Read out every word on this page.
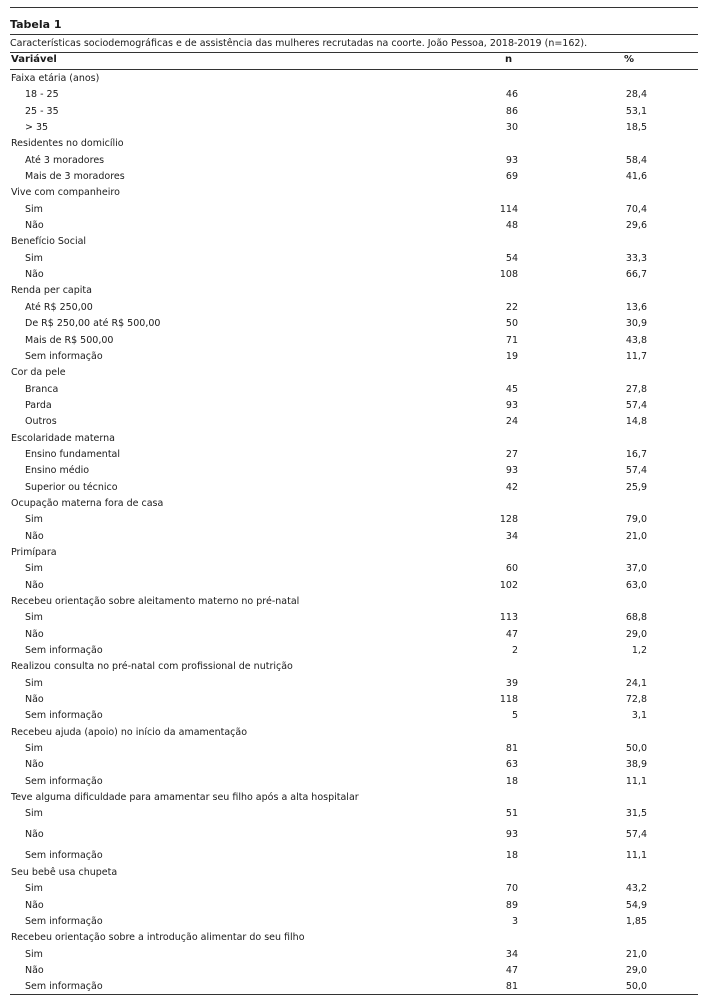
Tabela 1
Características sociodemográficas e de assistência das mulheres recrutadas na coorte. João Pessoa, 2018-2019 (n=162).
Variável	n	%
Faixa etária (anos)
18 - 25	46	28,4
25 - 35	86	53,1
> 35	30	18,5
Residentes no domicílio
Até 3 moradores	93	58,4
Mais de 3 moradores	69	41,6
Vive com companheiro
Sim	114	70,4
Não	48	29,6
Benefício Social
Sim	54	33,3
Não	108	66,7
Renda per capita
Até R$ 250,00	22	13,6
De R$ 250,00 até R$ 500,00	50	30,9
Mais de R$ 500,00	71	43,8
Sem informação	19	11,7
Cor da pele
Branca	45	27,8
Parda	93	57,4
Outros	24	14,8
Escolaridade materna
Ensino fundamental	27	16,7
Ensino médio	93	57,4
Superior ou técnico	42	25,9
Ocupação materna fora de casa
Sim	128	79,0
Não	34	21,0
Primípara
Sim	60	37,0
Não	102	63,0
Recebeu orientação sobre aleitamento materno no pré-natal
Sim	113	68,8
Não	47	29,0
Sem informação	2	1,2
Realizou consulta no pré-natal com profissional de nutrição
Sim	39	24,1
Não	118	72,8
Sem informação	5	3,1
Recebeu ajuda (apoio) no início da amamentação
Sim	81	50,0
Não	63	38,9
Sem informação	18	11,1
Teve alguma dificuldade para amamentar seu filho após a alta hospitalar
Sim	51	31,5
Não	93	57,4
Sem informação	18	11,1
Seu bebê usa chupeta
Sim	70	43,2
Não	89	54,9
Sem informação	3	1,85
Recebeu orientação sobre a introdução alimentar do seu filho
Sim	34	21,0
Não	47	29,0
Sem informação	81	50,0
